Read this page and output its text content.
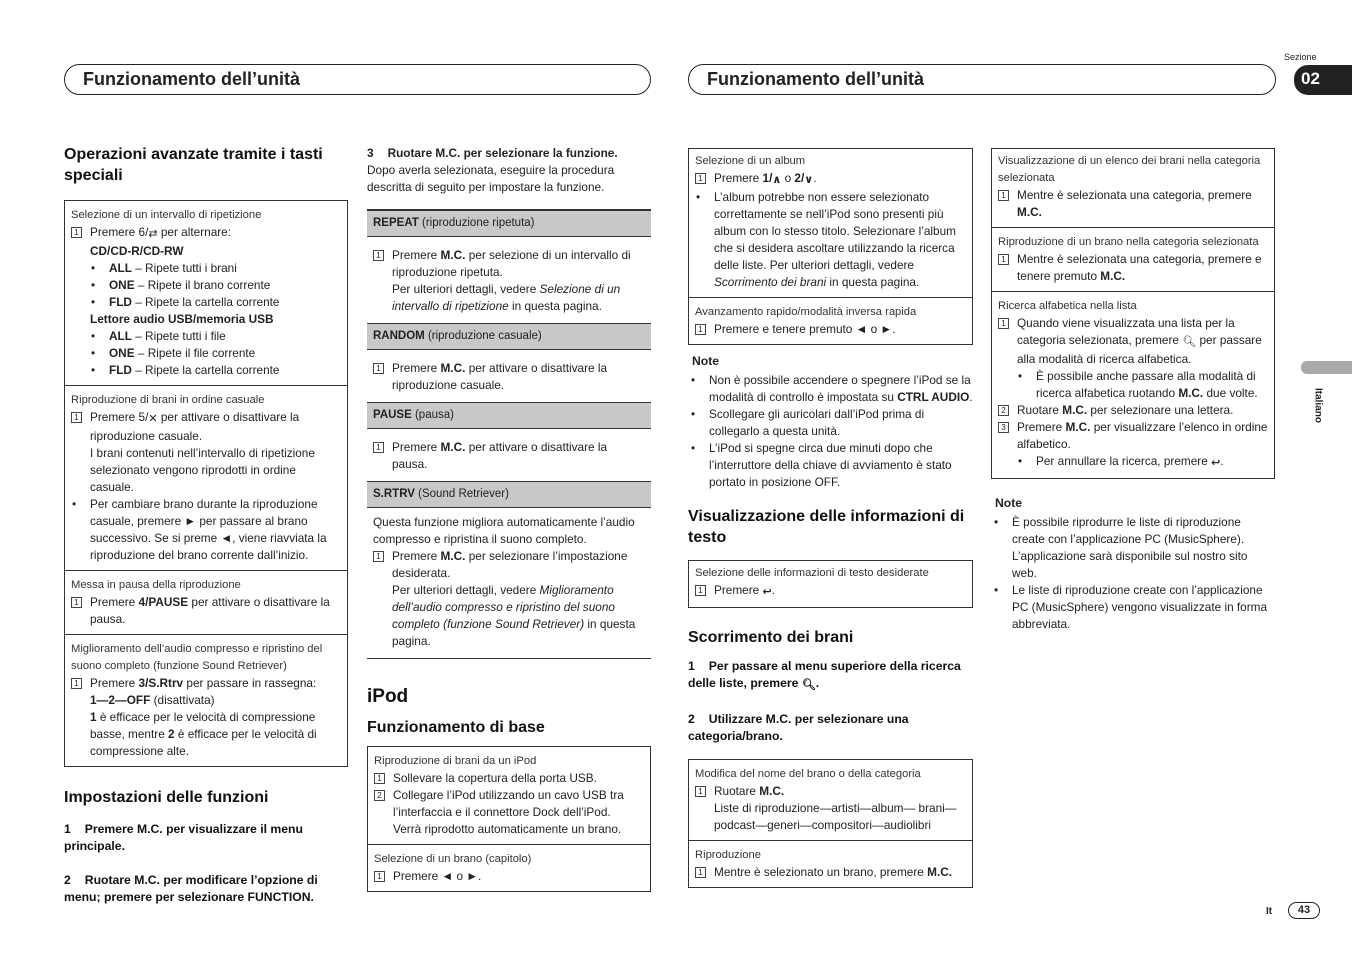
Funzionamento dell’unità	Funzionamento dell’unità
Sezione
02
Italiano
It	43
Operazioni avanzate tramite i tasti speciali
Selezione di un intervallo di ripetizione
1 Premere 6/⇄ per alternare:
CD/CD-R/CD-RW
•	ALL – Ripete tutti i brani
•	ONE – Ripete il brano corrente
•	FLD – Ripete la cartella corrente
Lettore audio USB/memoria USB
•	ALL – Ripete tutti i file
•	ONE – Ripete il file corrente
•	FLD – Ripete la cartella corrente
Riproduzione di brani in ordine casuale
1 Premere 5/✕ per attivare o disattivare la riproduzione casuale.
I brani contenuti nell’intervallo di ripetizione selezionato vengono riprodotti in ordine casuale.
•	Per cambiare brano durante la riproduzione casuale, premere ► per passare al brano successivo. Se si preme ◄, viene riavviata la riproduzione del brano corrente dall’inizio.
Messa in pausa della riproduzione
1 Premere 4/PAUSE per attivare o disattivare la pausa.
Miglioramento dell’audio compresso e ripristino del suono completo (funzione Sound Retriever)
1 Premere 3/S.Rtrv per passare in rassegna:
1—2—OFF (disattivata)
1 è efficace per le velocità di compressione basse, mentre 2 è efficace per le velocità di compressione alte.
Impostazioni delle funzioni
1 Premere M.C. per visualizzare il menu principale.
2 Ruotare M.C. per modificare l’opzione di menu; premere per selezionare FUNCTION.
3 Ruotare M.C. per selezionare la funzione.
Dopo averla selezionata, eseguire la procedura descritta di seguito per impostare la funzione.
REPEAT (riproduzione ripetuta)
1 Premere M.C. per selezione di un intervallo di riproduzione ripetuta.
Per ulteriori dettagli, vedere Selezione di un intervallo di ripetizione in questa pagina.
RANDOM (riproduzione casuale)
1 Premere M.C. per attivare o disattivare la riproduzione casuale.
PAUSE (pausa)
1 Premere M.C. per attivare o disattivare la pausa.
S.RTRV (Sound Retriever)
Questa funzione migliora automaticamente l’audio compresso e ripristina il suono completo.
1 Premere M.C. per selezionare l’impostazione desiderata.
Per ulteriori dettagli, vedere Miglioramento dell’audio compresso e ripristino del suono completo (funzione Sound Retriever) in questa pagina.
iPod
Funzionamento di base
Riproduzione di brani da un iPod
1 Sollevare la copertura della porta USB.
2 Collegare l’iPod utilizzando un cavo USB tra l’interfaccia e il connettore Dock dell’iPod.
Verrà riprodotto automaticamente un brano.
Selezione di un brano (capitolo)
1 Premere ◄ o ►.
Selezione di un album
1 Premere 1/∧ o 2/∨.
•	L’album potrebbe non essere selezionato correttamente se nell’iPod sono presenti più album con lo stesso titolo. Selezionare l’album che si desidera ascoltare utilizzando la ricerca delle liste. Per ulteriori dettagli, vedere Scorrimento dei brani in questa pagina.
Avanzamento rapido/modalità inversa rapida
1 Premere e tenere premuto ◄ o ►.
Note
•	Non è possibile accendere o spegnere l’iPod se la modalità di controllo è impostata su CTRL AUDIO.
•	Scollegare gli auricolari dall’iPod prima di collegarlo a questa unità.
•	L’iPod si spegne circa due minuti dopo che l’interruttore della chiave di avviamento è stato portato in posizione OFF.
Visualizzazione delle informazioni di testo
Selezione delle informazioni di testo desiderate
1 Premere ↩.
Scorrimento dei brani
1 Per passare al menu superiore della ricerca delle liste, premere 🔍︎.
2 Utilizzare M.C. per selezionare una categoria/brano.
Modifica del nome del brano o della categoria
1 Ruotare M.C.
Liste di riproduzione—artisti—album— brani—podcast—generi—compositori—audiolibri
Riproduzione
1 Mentre è selezionato un brano, premere M.C.
Visualizzazione di un elenco dei brani nella categoria selezionata
1 Mentre è selezionata una categoria, premere M.C.
Riproduzione di un brano nella categoria selezionata
1 Mentre è selezionata una categoria, premere e tenere premuto M.C.
Ricerca alfabetica nella lista
1 Quando viene visualizzata una lista per la categoria selezionata, premere 🔍︎ per passare alla modalità di ricerca alfabetica.
•	È possibile anche passare alla modalità di ricerca alfabetica ruotando M.C. due volte.
2 Ruotare M.C. per selezionare una lettera.
3 Premere M.C. per visualizzare l’elenco in ordine alfabetico.
•	Per annullare la ricerca, premere ↩.
Note
•	È possibile riprodurre le liste di riproduzione create con l’applicazione PC (MusicSphere). L’applicazione sarà disponibile sul nostro sito web.
•	Le liste di riproduzione create con l’applicazione PC (MusicSphere) vengono visualizzate in forma abbreviata.
